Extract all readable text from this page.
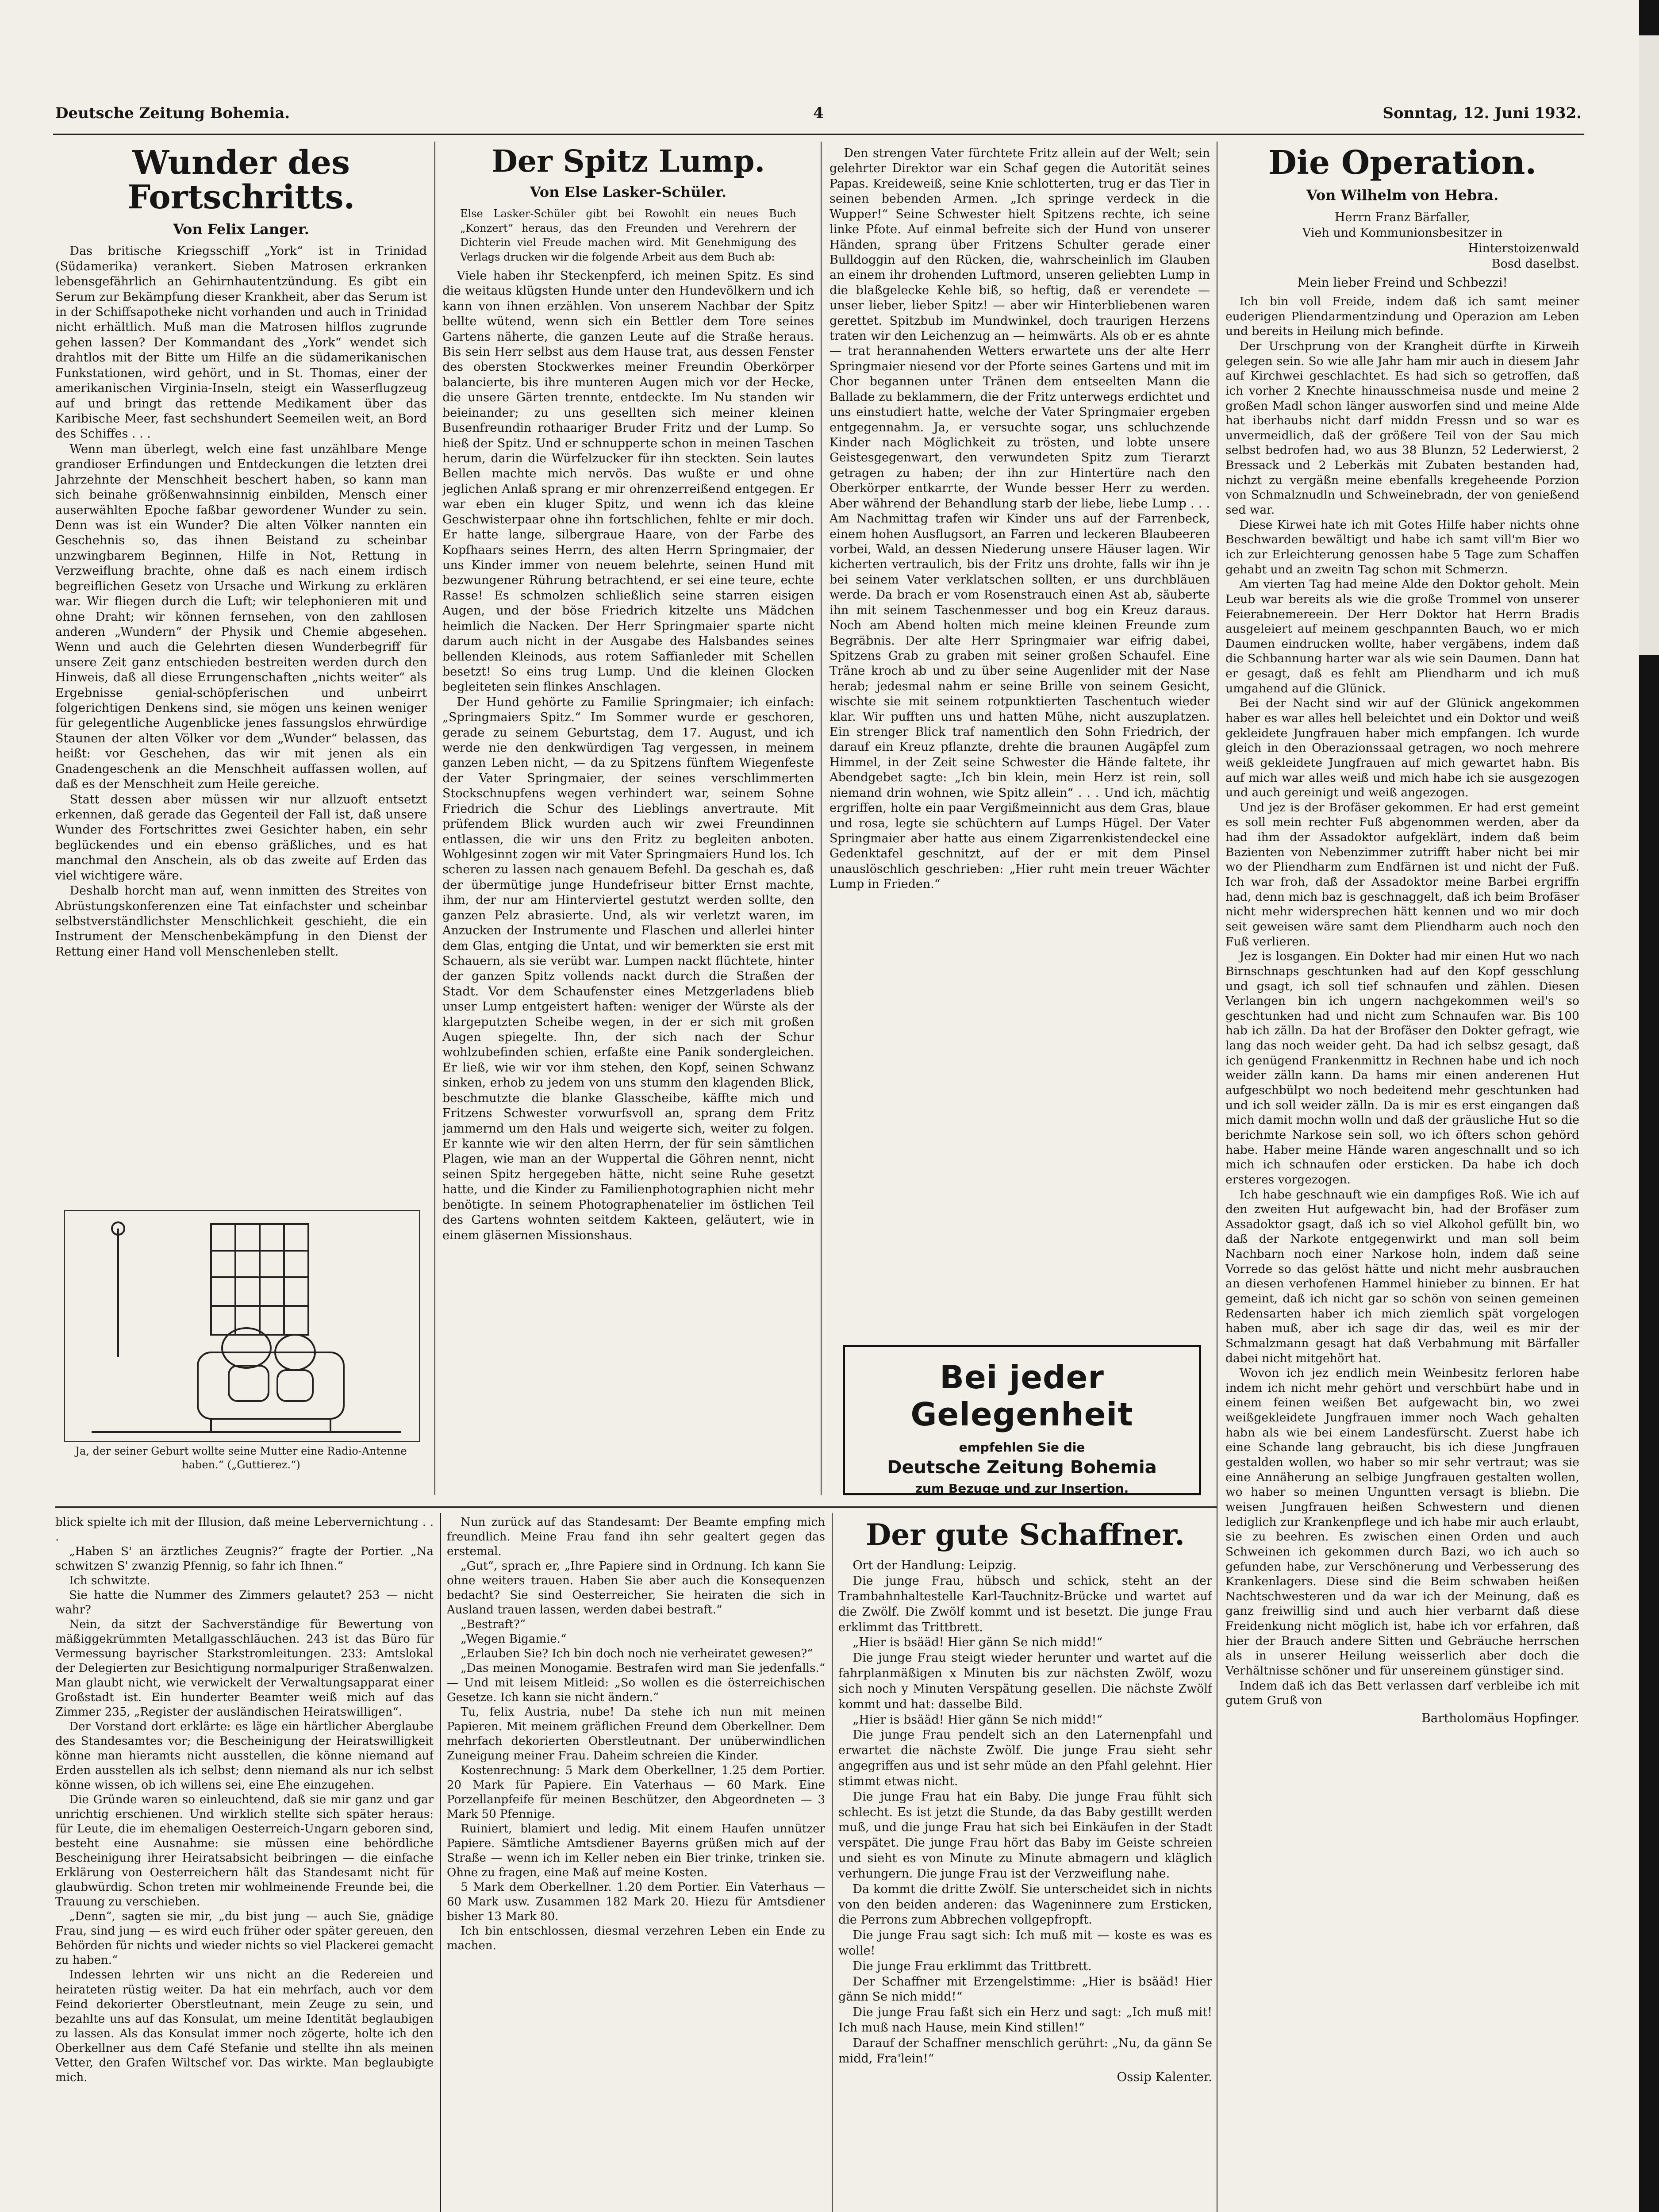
Deutsche Zeitung Bohemia.	4	Sonntag, 12. Juni 1932.
Wunder des Fortschritts.
Von Felix Langer.

Das britische Kriegsschiff „York“ ist in Trinidad (Südamerika) verankert. Sieben Matrosen erkranken lebensgefährlich an Gehirnhautentzündung. Es gibt ein Serum zur Bekämpfung dieser Krankheit, aber das Serum ist in der Schiffsapotheke nicht vorhanden und auch in Trinidad nicht erhältlich. Muß man die Matrosen hilflos zugrunde gehen lassen? Der Kommandant des „York“ wendet sich drahtlos mit der Bitte um Hilfe an die südamerikanischen Funkstationen, wird gehört, und in St. Thomas, einer der amerikanischen Virginia-Inseln, steigt ein Wasserflugzeug auf und bringt das rettende Medikament über das Karibische Meer, fast sechshundert Seemeilen weit, an Bord des Schiffes . . .

Wenn man überlegt, welch eine fast unzählbare Menge grandioser Erfindungen und Entdeckungen die letzten drei Jahrzehnte der Menschheit beschert haben, so kann man sich beinahe größenwahnsinnig einbilden, Mensch einer auserwählten Epoche faßbar gewordener Wunder zu sein. Denn was ist ein Wunder? Die alten Völker nannten ein Geschehnis so, das ihnen Beistand zu scheinbar unzwingbarem Beginnen, Hilfe in Not, Rettung in Verzweiflung brachte, ohne daß es nach einem irdisch begreiflichen Gesetz von Ursache und Wirkung zu erklären war. Wir fliegen durch die Luft; wir telephonieren mit und ohne Draht; wir können fernsehen, von den zahllosen anderen „Wundern“ der Physik und Chemie abgesehen. Wenn und auch die Gelehrten diesen Wunderbegriff für unsere Zeit ganz entschieden bestreiten werden durch den Hinweis, daß all diese Errungenschaften „nichts weiter“ als Ergebnisse genial-schöpferischen und unbeirrt folgerichtigen Denkens sind, sie mögen uns keinen weniger für gelegentliche Augenblicke jenes fassungslos ehrwürdige Staunen der alten Völker vor dem „Wunder“ belassen, das heißt: vor Geschehen, das wir mit jenen als ein Gnadengeschenk an die Menschheit auffassen wollen, auf daß es der Menschheit zum Heile gereiche.

Statt dessen aber müssen wir nur allzuoft entsetzt erkennen, daß gerade das Gegenteil der Fall ist, daß unsere Wunder des Fortschrittes zwei Gesichter haben, ein sehr beglückendes und ein ebenso gräßliches, und es hat manchmal den Anschein, als ob das zweite auf Erden das viel wichtigere wäre.

Deshalb horcht man auf, wenn inmitten des Streites von Abrüstungskonferenzen eine Tat einfachster und scheinbar selbstverständlichster Menschlichkeit geschieht, die ein Instrument der Menschenbekämpfung in den Dienst der Rettung einer Hand voll Menschenleben stellt.

Ja, der seiner Geburt wollte seine Mutter eine Radio-Antenne haben.“ („Guttierez.“)
Der Spitz Lump.
Von Else Lasker-Schüler.
Else Lasker-Schüler gibt bei Rowohlt ein neues Buch „Konzert“ heraus, das den Freunden und Verehrern der Dichterin viel Freude machen wird. Mit Genehmigung des Verlags drucken wir die folgende Arbeit aus dem Buch ab:

Viele haben ihr Steckenpferd, ich meinen Spitz. Es sind die weitaus klügsten Hunde unter den Hundevölkern und ich kann von ihnen erzählen. Von unserem Nachbar der Spitz bellte wütend, wenn sich ein Bettler dem Tore seines Gartens näherte, die ganzen Leute auf die Straße heraus. Bis sein Herr selbst aus dem Hause trat, aus dessen Fenster des obersten Stockwerkes meiner Freundin Oberkörper balancierte, bis ihre munteren Augen mich vor der Hecke, die unsere Gärten trennte, entdeckte. Im Nu standen wir beieinander; zu uns gesellten sich meiner kleinen Busenfreundin rothaariger Bruder Fritz und der Lump. So hieß der Spitz. Und er schnupperte schon in meinen Taschen herum, darin die Würfelzucker für ihn steckten. Sein lautes Bellen machte mich nervös. Das wußte er und ohne jeglichen Anlaß sprang er mir ohrenzerreißend entgegen. Er war eben ein kluger Spitz, und wenn ich das kleine Geschwisterpaar ohne ihn fortschlichen, fehlte er mir doch. Er hatte lange, silbergraue Haare, von der Farbe des Kopfhaars seines Herrn, des alten Herrn Springmaier, der uns Kinder immer von neuem belehrte, seinen Hund mit bezwungener Rührung betrachtend, er sei eine teure, echte Rasse! Es schmolzen schließlich seine starren eisigen Augen, und der böse Friedrich kitzelte uns Mädchen heimlich die Nacken. Der Herr Springmaier sparte nicht darum auch nicht in der Ausgabe des Halsbandes seines bellenden Kleinods, aus rotem Saffianleder mit Schellen besetzt! So eins trug Lump. Und die kleinen Glocken begleiteten sein flinkes Anschlagen.

Der Hund gehörte zu Familie Springmaier; ich einfach: „Springmaiers Spitz.“ Im Sommer wurde er geschoren, gerade zu seinem Geburtstag, dem 17. August, und ich werde nie den denkwürdigen Tag vergessen, in meinem ganzen Leben nicht, — da zu Spitzens fünftem Wiegenfeste der Vater Springmaier, der seines verschlimmerten Stockschnupfens wegen verhindert war, seinem Sohne Friedrich die Schur des Lieblings anvertraute. Mit prüfendem Blick wurden auch wir zwei Freundinnen entlassen, die wir uns den Fritz zu begleiten anboten. Wohlgesinnt zogen wir mit Vater Springmaiers Hund los. Ich scheren zu lassen nach genauem Befehl. Da geschah es, daß der übermütige junge Hundefriseur bitter Ernst machte, ihm, der nur am Hinterviertel gestutzt werden sollte, den ganzen Pelz abrasierte. Und, als wir verletzt waren, im Anzucken der Instrumente und Flaschen und allerlei hinter dem Glas, entging die Untat, und wir bemerkten sie erst mit Schauern, als sie verübt war. Lumpen nackt flüchtete, hinter der ganzen Spitz vollends nackt durch die Straßen der Stadt. Vor dem Schaufenster eines Metzgerladens blieb unser Lump entgeistert haften: weniger der Würste als der klargeputzten Scheibe wegen, in der er sich mit großen Augen spiegelte. Ihn, der sich nach der Schur wohlzubefinden schien, erfaßte eine Panik sondergleichen. Er ließ, wie wir vor ihm stehen, den Kopf, seinen Schwanz sinken, erhob zu jedem von uns stumm den klagenden Blick, beschmutzte die blanke Glasscheibe, käffte mich und Fritzens Schwester vorwurfsvoll an, sprang dem Fritz jammernd um den Hals und weigerte sich, weiter zu folgen. Er kannte wie wir den alten Herrn, der für sein sämtlichen Plagen, wie man an der Wuppertal die Göhren nennt, nicht seinen Spitz hergegeben hätte, nicht seine Ruhe gesetzt hatte, und die Kinder zu Familienphotographien nicht mehr benötigte. In seinem Photographenatelier im östlichen Teil des Gartens wohnten seitdem Kakteen, geläutert, wie in einem gläsernen Missionshaus.

Den strengen Vater fürchtete Fritz allein auf der Welt; sein gelehrter Direktor war ein Schaf gegen die Autorität seines Papas. Kreideweiß, seine Knie schlotterten, trug er das Tier in seinen bebenden Armen. „Ich springe verdeck in die Wupper!“ Seine Schwester hielt Spitzens rechte, ich seine linke Pfote. Auf einmal befreite sich der Hund von unserer Händen, sprang über Fritzens Schulter gerade einer Bulldoggin auf den Rücken, die, wahrscheinlich im Glauben an einem ihr drohenden Luftmord, unseren geliebten Lump in die blaßgelecke Kehle biß, so heftig, daß er verendete — unser lieber, lieber Spitz! — aber wir Hinterbliebenen waren gerettet. Spitzbub im Mundwinkel, doch traurigen Herzens traten wir den Leichenzug an — heimwärts. Als ob er es ahnte — trat herannahenden Wetters erwartete uns der alte Herr Springmaier niesend vor der Pforte seines Gartens und mit im Chor begannen unter Tränen dem entseelten Mann die Ballade zu beklammern, die der Fritz unterwegs erdichtet und uns einstudiert hatte, welche der Vater Springmaier ergeben entgegennahm. Ja, er versuchte sogar, uns schluchzende Kinder nach Möglichkeit zu trösten, und lobte unsere Geistesgegenwart, den verwundeten Spitz zum Tierarzt getragen zu haben; der ihn zur Hintertüre nach den Oberkörper entkarrte, der Wunde besser Herr zu werden. Aber während der Behandlung starb der liebe, liebe Lump . . . Am Nachmittag trafen wir Kinder uns auf der Farrenbeck, einem hohen Ausflugsort, an Farren und leckeren Blaubeeren vorbei, Wald, an dessen Niederung unsere Häuser lagen. Wir kicherten vertraulich, bis der Fritz uns drohte, falls wir ihn je bei seinem Vater verklatschen sollten, er uns durchbläuen werde. Da brach er vom Rosenstrauch einen Ast ab, säuberte ihn mit seinem Taschenmesser und bog ein Kreuz daraus. Noch am Abend holten mich meine kleinen Freunde zum Begräbnis. Der alte Herr Springmaier war eifrig dabei, Spitzens Grab zu graben mit seiner großen Schaufel. Eine Träne kroch ab und zu über seine Augenlider mit der Nase herab; jedesmal nahm er seine Brille von seinem Gesicht, wischte sie mit seinem rotpunktierten Taschentuch wieder klar. Wir pufften uns und hatten Mühe, nicht auszuplatzen. Ein strenger Blick traf namentlich den Sohn Friedrich, der darauf ein Kreuz pflanzte, drehte die braunen Augäpfel zum Himmel, in der Zeit seine Schwester die Hände faltete, ihr Abendgebet sagte: „Ich bin klein, mein Herz ist rein, soll niemand drin wohnen, wie Spitz allein“ . . . Und ich, mächtig ergriffen, holte ein paar Vergißmeinnicht aus dem Gras, blaue und rosa, legte sie schüchtern auf Lumps Hügel. Der Vater Springmaier aber hatte aus einem Zigarrenkistendeckel eine Gedenktafel geschnitzt, auf der er mit dem Pinsel unauslöschlich geschrieben: „Hier ruht mein treuer Wächter Lump in Frieden.“

Bei jeder Gelegenheit
empfehlen Sie die
Deutsche Zeitung Bohemia
zum Bezuge und zur Insertion.
Die Operation.
Von Wilhelm von Hebra.
Herrn Franz Bärfaller,
Vieh und Kommunionsbesitzer in
Hinterstoizenwald
Bosd daselbst.
Mein lieber Freind und Schbezzi!

Ich bin voll Freide, indem daß ich samt meiner euderigen Pliendarmentzindung und Operazion am Leben und bereits in Heilung mich befinde.

Der Urschprung von der Krangheit dürfte in Kirweih gelegen sein. So wie alle Jahr ham mir auch in diesem Jahr auf Kirchwei geschlachtet. Es had sich so getroffen, daß ich vorher 2 Knechte hinausschmeisa nusde und meine 2 großen Madl schon länger ausworfen sind und meine Alde hat iberhaubs nicht darf middn Fressn und so war es unvermeidlich, daß der größere Teil von der Sau mich selbst bedrofen had, wo aus 38 Blunzn, 52 Lederwierst, 2 Bressack und 2 Leberkäs mit Zubaten bestanden had, nichzt zu vergäßn meine ebenfalls kregeheende Porzion von Schmalznudln und Schweinebradn, der von genießend sed war.

Diese Kirwei hate ich mit Gotes Hilfe haber nichts ohne Beschwarden bewältigt und habe ich samt vill'm Bier wo ich zur Erleichterung genossen habe 5 Tage zum Schaffen gehabt und an zweitn Tag schon mit Schmerzn.

Am vierten Tag had meine Alde den Doktor geholt. Mein Leub war bereits als wie die große Trommel von unserer Feierabnemereein. Der Herr Doktor hat Herrn Bradis ausgeleiert auf meinem geschpannten Bauch, wo er mich Daumen eindrucken wollte, haber vergäbens, indem daß die Schbannung harter war als wie sein Daumen. Dann hat er gesagt, daß es fehlt am Pliendharm und ich muß umgahend auf die Glünick.

Bei der Nacht sind wir auf der Glünick angekommen haber es war alles hell beleichtet und ein Doktor und weiß gekleidete Jungfrauen haber mich empfangen. Ich wurde gleich in den Oberazionssaal getragen, wo noch mehrere weiß gekleidete Jungfrauen auf mich gewartet habn. Bis auf mich war alles weiß und mich habe ich sie ausgezogen und auch gereinigt und weiß angezogen.

Und jez is der Brofäser gekommen. Er had erst gemeint es soll mein rechter Fuß abgenommen werden, aber da had ihm der Assadoktor aufgeklärt, indem daß beim Bazienten von Nebenzimmer zutrifft haber nicht bei mir wo der Pliendharm zum Endfärnen ist und nicht der Fuß. Ich war froh, daß der Assadoktor meine Barbei ergriffn had, denn mich baz is geschnaggelt, daß ich beim Brofäser nicht mehr widersprechen hätt kennen und wo mir doch seit geweisen wäre samt dem Pliendharm auch noch den Fuß verlieren.

Jez is losgangen. Ein Dokter had mir einen Hut wo nach Birnschnaps geschtunken had auf den Kopf gesschlung und gsagt, ich soll tief schnaufen und zählen. Diesen Verlangen bin ich ungern nachgekommen weil's so geschtunken had und nicht zum Schnaufen war. Bis 100 hab ich zälln. Da hat der Brofäser den Dokter gefragt, wie lang das noch weider geht. Da had ich selbsz gesagt, daß ich genügend Frankenmittz in Rechnen habe und ich noch weider zälln kann. Da hams mir einen anderenen Hut aufgeschbülpt wo noch bedeitend mehr geschtunken had und ich soll weider zälln. Da is mir es erst eingangen daß mich damit mochn wolln und daß der gräusliche Hut so die berichmte Narkose sein soll, wo ich öfters schon gehörd habe. Haber meine Hände waren angeschnallt und so ich mich ich schnaufen oder ersticken. Da habe ich doch ersteres vorgezogen.

Ich habe geschnauft wie ein dampfiges Roß. Wie ich auf den zweiten Hut aufgewacht bin, had der Brofäser zum Assadoktor gsagt, daß ich so viel Alkohol gefüllt bin, wo daß der Narkote entgegenwirkt und man soll beim Nachbarn noch einer Narkose holn, indem daß seine Vorrede so das gelöst hätte und nicht mehr ausbrauchen an diesen verhofenen Hammel hinieber zu binnen. Er hat gemeint, daß ich nicht gar so schön von seinen gemeinen Redensarten haber ich mich ziemlich spät vorgelogen haben muß, aber ich sage dir das, weil es mir der Schmalzmann gesagt hat daß Verbahmung mit Bärfaller dabei nicht mitgehört hat.

Wovon ich jez endlich mein Weinbesitz ferloren habe indem ich nicht mehr gehört und verschbürt habe und in einem feinen weißen Bet aufgewacht bin, wo zwei weißgekleidete Jungfrauen immer noch Wach gehalten habn als wie bei einem Landesfürscht. Zuerst habe ich eine Schande lang gebraucht, bis ich diese Jungfrauen gestalden wollen, wo haber so mir sehr vertraut; was sie eine Annäherung an selbige Jungfrauen gestalten wollen, wo haber so meinen Unguntten versagt is bliebn. Die weisen Jungfrauen heißen Schwestern und dienen lediglich zur Krankenpflege und ich habe mir auch erlaubt, sie zu beehren. Es zwischen einen Orden und auch Schweinen ich gekommen durch Bazi, wo ich auch so gefunden habe, zur Verschönerung und Verbesserung des Krankenlagers. Diese sind die Beim schwaben heißen Nachtschwesteren und da war ich der Meinung, daß es ganz freiwillig sind und auch hier verbarnt daß diese Freidenkung nicht möglich ist, habe ich vor erfahren, daß hier der Brauch andere Sitten und Gebräuche herrschen als in unserer Heilung weisserlich aber doch die Verhältnisse schöner und für unsereinem günstiger sind.

Indem daß ich das Bett verlassen darf verbleibe ich mit gutem Gruß von

Bartholomäus Hopfinger.

blick spielte ich mit der Illusion, daß meine Lebervernichtung . . .

„Haben S' an ärztliches Zeugnis?“ fragte der Portier. „Na schwitzen S' zwanzig Pfennig, so fahr ich Ihnen.“

Ich schwitzte.

Sie hatte die Nummer des Zimmers gelautet? 253 — nicht wahr?

Nein, da sitzt der Sachverständige für Bewertung von mäßiggekrümmten Metallgasschläuchen. 243 ist das Büro für Vermessung bayrischer Starkstromleitungen. 233: Amtslokal der Delegierten zur Besichtigung normalpuriger Straßenwalzen. Man glaubt nicht, wie verwickelt der Verwaltungsapparat einer Großstadt ist. Ein hunderter Beamter weiß mich auf das Zimmer 235, „Register der ausländischen Heiratswilligen“.

Der Vorstand dort erklärte: es läge ein härtlicher Aberglaube des Standesamtes vor; die Bescheinigung der Heiratswilligkeit könne man hieramts nicht ausstellen, die könne niemand auf Erden ausstellen als ich selbst; denn niemand als nur ich selbst könne wissen, ob ich willens sei, eine Ehe einzugehen.

Die Gründe waren so einleuchtend, daß sie mir ganz und gar unrichtig erschienen. Und wirklich stellte sich später heraus: für Leute, die im ehemaligen Oesterreich-Ungarn geboren sind, besteht eine Ausnahme: sie müssen eine behördliche Bescheinigung ihrer Heiratsabsicht beibringen — die einfache Erklärung von Oesterreichern hält das Standesamt nicht für glaubwürdig. Schon treten mir wohlmeinende Freunde bei, die Trauung zu verschieben.

„Denn“, sagten sie mir, „du bist jung — auch Sie, gnädige Frau, sind jung — es wird euch früher oder später gereuen, den Behörden für nichts und wieder nichts so viel Plackerei gemacht zu haben.“

Indessen lehrten wir uns nicht an die Redereien und heirateten rüstig weiter. Da hat ein mehrfach, auch vor dem Feind dekorierter Oberstleutnant, mein Zeuge zu sein, und bezahlte uns auf das Konsulat, um meine Identität beglaubigen zu lassen. Als das Konsulat immer noch zögerte, holte ich den Oberkellner aus dem Café Stefanie und stellte ihn als meinen Vetter, den Grafen Wiltschef vor. Das wirkte. Man beglaubigte mich.

Nun zurück auf das Standesamt: Der Beamte empfing mich freundlich. Meine Frau fand ihn sehr gealtert gegen das erstemal.

„Gut“, sprach er, „Ihre Papiere sind in Ordnung. Ich kann Sie ohne weiters trauen. Haben Sie aber auch die Konsequenzen bedacht? Sie sind Oesterreicher, Sie heiraten die sich in Ausland trauen lassen, werden dabei bestraft.“

„Bestraft?“

„Wegen Bigamie.“

„Erlauben Sie? Ich bin doch noch nie verheiratet gewesen?“

„Das meinen Monogamie. Bestrafen wird man Sie jedenfalls.“ — Und mit leisem Mitleid: „So wollen es die österreichischen Gesetze. Ich kann sie nicht ändern.“

Tu, felix Austria, nube! Da stehe ich nun mit meinen Papieren. Mit meinem gräflichen Freund dem Oberkellner. Dem mehrfach dekorierten Oberstleutnant. Der unüberwindlichen Zuneigung meiner Frau. Daheim schreien die Kinder.

Kostenrechnung: 5 Mark dem Oberkellner, 1.25 dem Portier. 20 Mark für Papiere. Ein Vaterhaus — 60 Mark. Eine Porzellanpfeife für meinen Beschützer, den Abgeordneten — 3 Mark 50 Pfennige.

Ruiniert, blamiert und ledig. Mit einem Haufen unnützer Papiere. Sämtliche Amtsdiener Bayerns grüßen mich auf der Straße — wenn ich im Keller neben ein Bier trinke, trinken sie. Ohne zu fragen, eine Maß auf meine Kosten.

5 Mark dem Oberkellner. 1.20 dem Portier. Ein Vaterhaus — 60 Mark usw. Zusammen 182 Mark 20. Hiezu für Amtsdiener bisher 13 Mark 80.

Ich bin entschlossen, diesmal verzehren Leben ein Ende zu machen.

Der gute Schaffner.

Ort der Handlung: Leipzig.

Die junge Frau, hübsch und schick, steht an der Trambahnhaltestelle Karl-Tauchnitz-Brücke und wartet auf die Zwölf. Die Zwölf kommt und ist besetzt. Die junge Frau erklimmt das Trittbrett.

„Hier is bsääd! Hier gänn Se nich midd!“

Die junge Frau steigt wieder herunter und wartet auf die fahrplanmäßigen x Minuten bis zur nächsten Zwölf, wozu sich noch y Minuten Verspätung gesellen. Die nächste Zwölf kommt und hat: dasselbe Bild.

„Hier is bsääd! Hier gänn Se nich midd!“

Die junge Frau pendelt sich an den Laternenpfahl und erwartet die nächste Zwölf. Die junge Frau sieht sehr angegriffen aus und ist sehr müde an den Pfahl gelehnt. Hier stimmt etwas nicht.

Die junge Frau hat ein Baby. Die junge Frau fühlt sich schlecht. Es ist jetzt die Stunde, da das Baby gestillt werden muß, und die junge Frau hat sich bei Einkäufen in der Stadt verspätet. Die junge Frau hört das Baby im Geiste schreien und sieht es von Minute zu Minute abmagern und kläglich verhungern. Die junge Frau ist der Verzweiflung nahe.

Da kommt die dritte Zwölf. Sie unterscheidet sich in nichts von den beiden anderen: das Wageninnere zum Ersticken, die Perrons zum Abbrechen vollgepfropft.

Die junge Frau sagt sich: Ich muß mit — koste es was es wolle!

Die junge Frau erklimmt das Trittbrett.

Der Schaffner mit Erzengelstimme: „Hier is bsääd! Hier gänn Se nich midd!“

Die junge Frau faßt sich ein Herz und sagt: „Ich muß mit! Ich muß nach Hause, mein Kind stillen!“

Darauf der Schaffner menschlich gerührt: „Nu, da gänn Se midd, Fra'lein!“

Ossip Kalenter.
